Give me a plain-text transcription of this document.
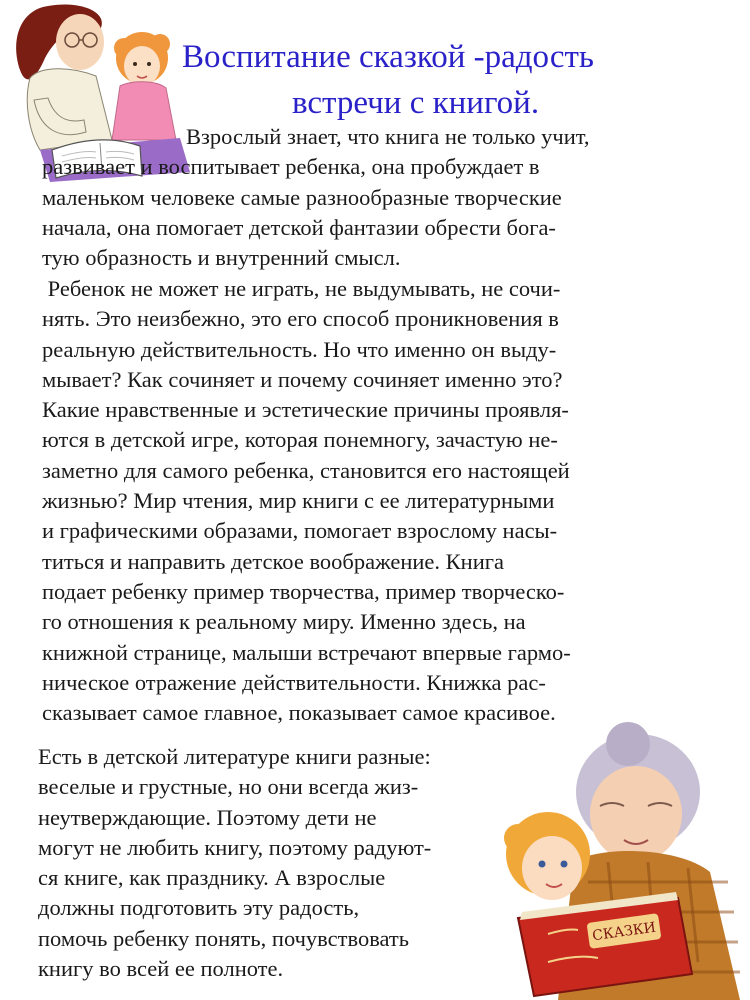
Воспитание сказкой -радость
встречи с книгой.
Взрослый знает, что книга не только учит,
развивает и воспитывает ребенка, она пробуждает в
маленьком человеке самые разнообразные творческие
начала, она помогает детской фантазии обрести бога-
тую образность и внутренний смысл.
Ребенок не может не играть, не выдумывать, не сочи-
нять. Это неизбежно, это его способ проникновения в
реальную действительность. Но что именно он выду-
мывает? Как сочиняет и почему сочиняет именно это?
Какие нравственные и эстетические причины проявля-
ются в детской игре, которая понемногу, зачастую не-
заметно для самого ребенка, становится его настоящей
жизнью? Мир чтения, мир книги с ее литературными
и графическими образами, помогает взрослому насы-
титься и направить детское воображение. Книга
подает ребенку пример творчества, пример творческо-
го отношения к реальному миру. Именно здесь, на
книжной странице, малыши встречают впервые гармо-
ническое отражение действительности. Книжка рас-
сказывает самое главное, показывает самое красивое.
Есть в детской литературе книги разные:
веселые и грустные, но они всегда жиз-
неутверждающие. Поэтому дети не
могут не любить книгу, поэтому радуют-
ся книге, как празднику. А взрослые
должны подготовить эту радость,
помочь ребенку понять, почувствовать
книгу во всей ее полноте.
СКАЗКИ
